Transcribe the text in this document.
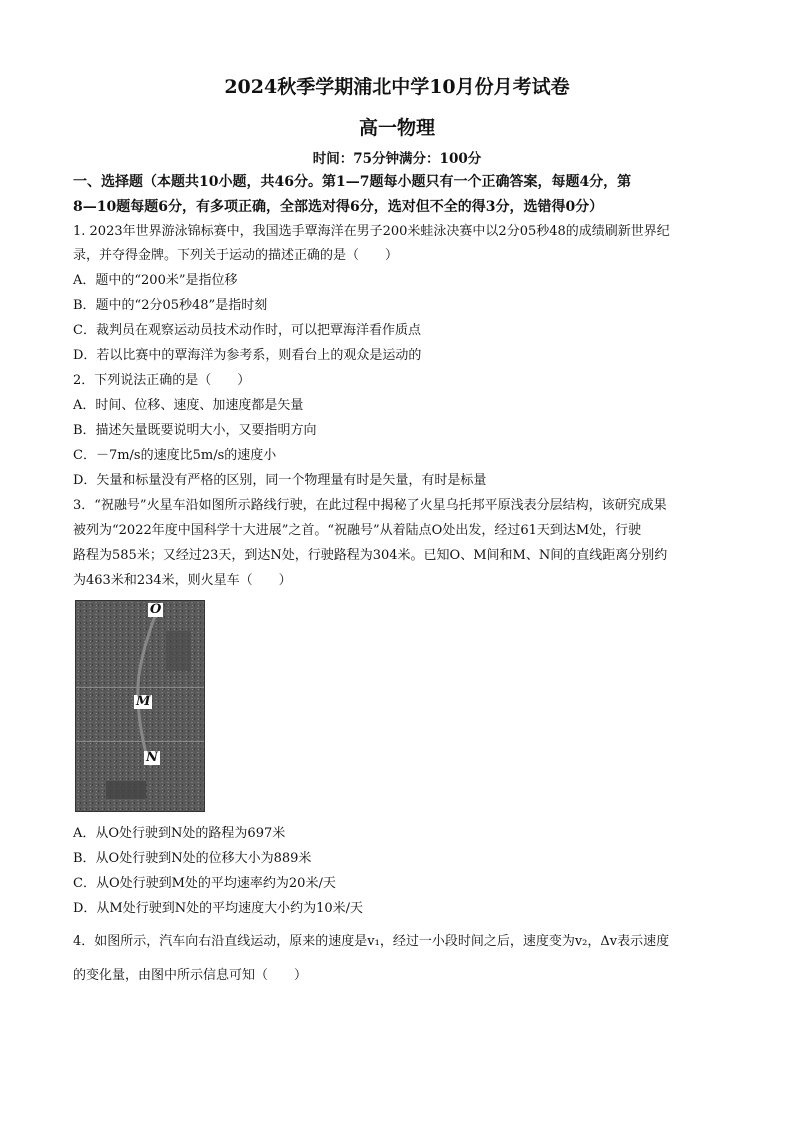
2024秋季学期浦北中学10月份月考试卷
高一物理
时间：75分钟满分：100分
一、选择题（本题共10小题，共46分。第1—7题每小题只有一个正确答案，每题4分，第
8—10题每题6分，有多项正确，全部选对得6分，选对但不全的得3分，选错得0分）
1. 2023年世界游泳锦标赛中，我国选手覃海洋在男子200米蛙泳决赛中以2分05秒48的成绩刷新世界纪
录，并夺得金牌。下列关于运动的描述正确的是（　　）
A．题中的“200米”是指位移
B．题中的“2分05秒48”是指时刻
C．裁判员在观察运动员技术动作时，可以把覃海洋看作质点
D．若以比赛中的覃海洋为参考系，则看台上的观众是运动的
2．下列说法正确的是（　　）
A．时间、位移、速度、加速度都是矢量
B．描述矢量既要说明大小，又要指明方向
C．－7m/s的速度比5m/s的速度小
D．矢量和标量没有严格的区别，同一个物理量有时是矢量，有时是标量
3．“祝融号”火星车沿如图所示路线行驶，在此过程中揭秘了火星乌托邦平原浅表分层结构，该研究成果
被列为“2022年度中国科学十大进展”之首。“祝融号”从着陆点O处出发，经过61天到达M处，行驶
路程为585米；又经过23天，到达N处，行驶路程为304米。已知O、M间和M、N间的直线距离分别约
为463米和234米，则火星车（　　）
O
M
N
A．从O处行驶到N处的路程为697米
B．从O处行驶到N处的位移大小为889米
C．从O处行驶到M处的平均速率约为20米/天
D．从M处行驶到N处的平均速度大小约为10米/天
4．如图所示，汽车向右沿直线运动，原来的速度是v₁，经过一小段时间之后，速度变为v₂，Δv表示速度
的变化量，由图中所示信息可知（　　）
